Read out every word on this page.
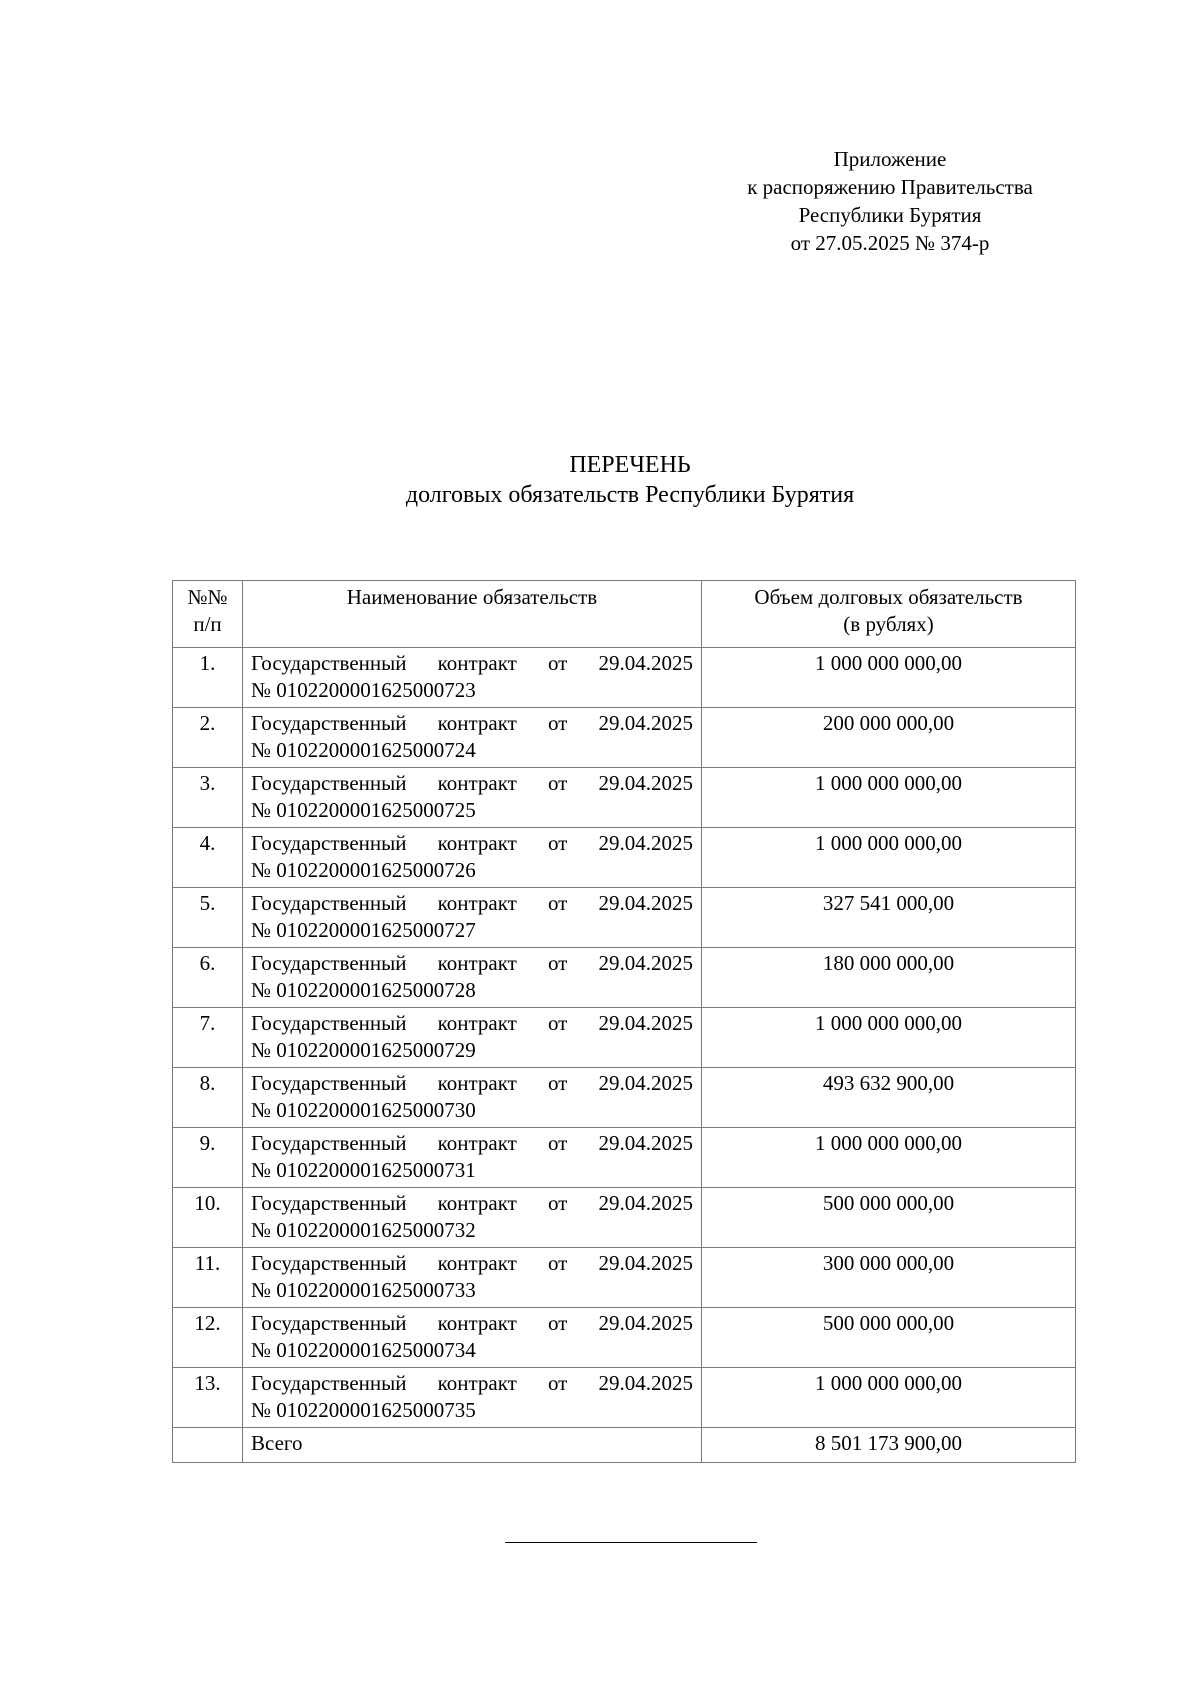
Приложение
к распоряжению Правительства
Республики Бурятия
от 27.05.2025 № 374-р
ПЕРЕЧЕНЬ
долговых обязательств Республики Бурятия
№№
п/п	Наименование обязательств	Объем долговых обязательств
(в рублях)

1.	Государственный контракт от 29.04.2025
№ 0102200001625000723	1 000 000 000,00
2.	Государственный контракт от 29.04.2025
№ 0102200001625000724	200 000 000,00
3.	Государственный контракт от 29.04.2025
№ 0102200001625000725	1 000 000 000,00
4.	Государственный контракт от 29.04.2025
№ 0102200001625000726	1 000 000 000,00
5.	Государственный контракт от 29.04.2025
№ 0102200001625000727	327 541 000,00
6.	Государственный контракт от 29.04.2025
№ 0102200001625000728	180 000 000,00
7.	Государственный контракт от 29.04.2025
№ 0102200001625000729	1 000 000 000,00
8.	Государственный контракт от 29.04.2025
№ 0102200001625000730	493 632 900,00
9.	Государственный контракт от 29.04.2025
№ 0102200001625000731	1 000 000 000,00
10.	Государственный контракт от 29.04.2025
№ 0102200001625000732	500 000 000,00
11.	Государственный контракт от 29.04.2025
№ 0102200001625000733	300 000 000,00
12.	Государственный контракт от 29.04.2025
№ 0102200001625000734	500 000 000,00
13.	Государственный контракт от 29.04.2025
№ 0102200001625000735	1 000 000 000,00
	Всего	8 501 173 900,00
